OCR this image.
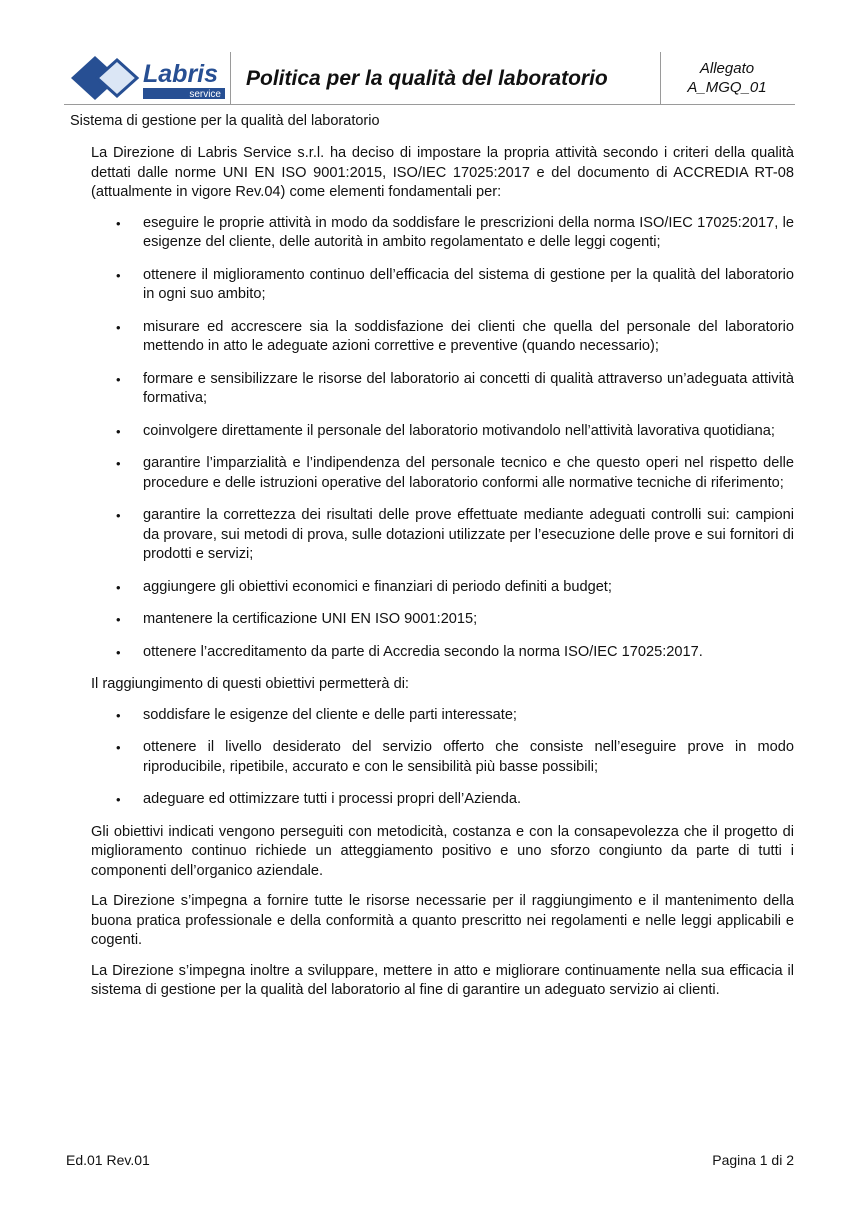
Labris
service
Politica per la qualità del laboratorio	Allegato
A_MGQ_01
Sistema di gestione per la qualità del laboratorio

La Direzione di Labris Service s.r.l. ha deciso di impostare la propria attività secondo i criteri della qualità dettati dalle norme UNI EN ISO 9001:2015, ISO/IEC 17025:2017 e del documento di ACCREDIA RT-08 (attualmente in vigore Rev.04) come elementi fondamentali per:

• eseguire le proprie attività in modo da soddisfare le prescrizioni della norma ISO/IEC 17025:2017, le esigenze del cliente, delle autorità in ambito regolamentato e delle leggi cogenti;
• ottenere il miglioramento continuo dell’efficacia del sistema di gestione per la qualità del laboratorio in ogni suo ambito;
• misurare ed accrescere sia la soddisfazione dei clienti che quella del personale del laboratorio mettendo in atto le adeguate azioni correttive e preventive (quando necessario);
• formare e sensibilizzare le risorse del laboratorio ai concetti di qualità attraverso un’adeguata attività formativa;
• coinvolgere direttamente il personale del laboratorio motivandolo nell’attività lavorativa quotidiana;
• garantire l’imparzialità e l’indipendenza del personale tecnico e che questo operi nel rispetto delle procedure e delle istruzioni operative del laboratorio conformi alle normative tecniche di riferimento;
• garantire la correttezza dei risultati delle prove effettuate mediante adeguati controlli sui: campioni da provare, sui metodi di prova, sulle dotazioni utilizzate per l’esecuzione delle prove e sui fornitori di prodotti e servizi;
• aggiungere gli obiettivi economici e finanziari di periodo definiti a budget;
• mantenere la certificazione UNI EN ISO 9001:2015;
• ottenere l’accreditamento da parte di Accredia secondo la norma ISO/IEC 17025:2017.

Il raggiungimento di questi obiettivi permetterà di:

• soddisfare le esigenze del cliente e delle parti interessate;
• ottenere il livello desiderato del servizio offerto che consiste nell’eseguire prove in modo riproducibile, ripetibile, accurato e con le sensibilità più basse possibili;
• adeguare ed ottimizzare tutti i processi propri dell’Azienda.

Gli obiettivi indicati vengono perseguiti con metodicità, costanza e con la consapevolezza che il progetto di miglioramento continuo richiede un atteggiamento positivo e uno sforzo congiunto da parte di tutti i componenti dell’organico aziendale.

La Direzione s’impegna a fornire tutte le risorse necessarie per il raggiungimento e il mantenimento della buona pratica professionale e della conformità a quanto prescritto nei regolamenti e nelle leggi applicabili e cogenti.

La Direzione s’impegna inoltre a sviluppare, mettere in atto e migliorare continuamente nella sua efficacia il sistema di gestione per la qualità del laboratorio al fine di garantire un adeguato servizio ai clienti.

Ed.01 Rev.01	Pagina 1 di 2
